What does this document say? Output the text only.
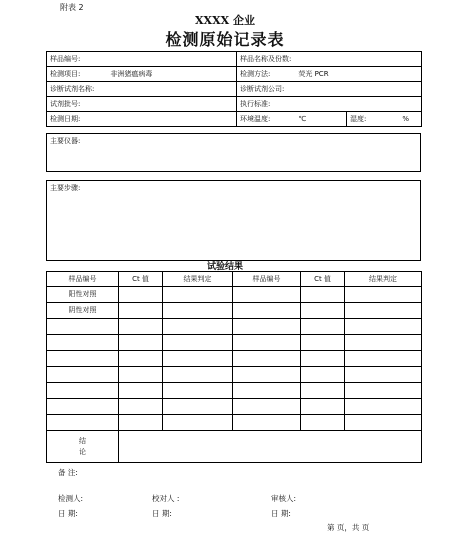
附表 2
XXXX 企业
检测原始记录表
样品编号:	样品名称及份数:	
检测项目: 非洲猪瘟病毒	检测方法: 荧光 PCR	
诊断试剂名称:	诊断试剂公司:	
试剂批号:	执行标准:	
检测日期:	环境温度: ℃	湿度: %
主要仪器:
主要步骤:
试验结果
样品编号	Ct 值	结果判定	样品编号	Ct 值	结果判定
阳性对照					
阴性对照					

结
论					

备 注:
检测人:	校对人 :	审核人:
日 期:	日 期:	日 期:
第 页，共 页
